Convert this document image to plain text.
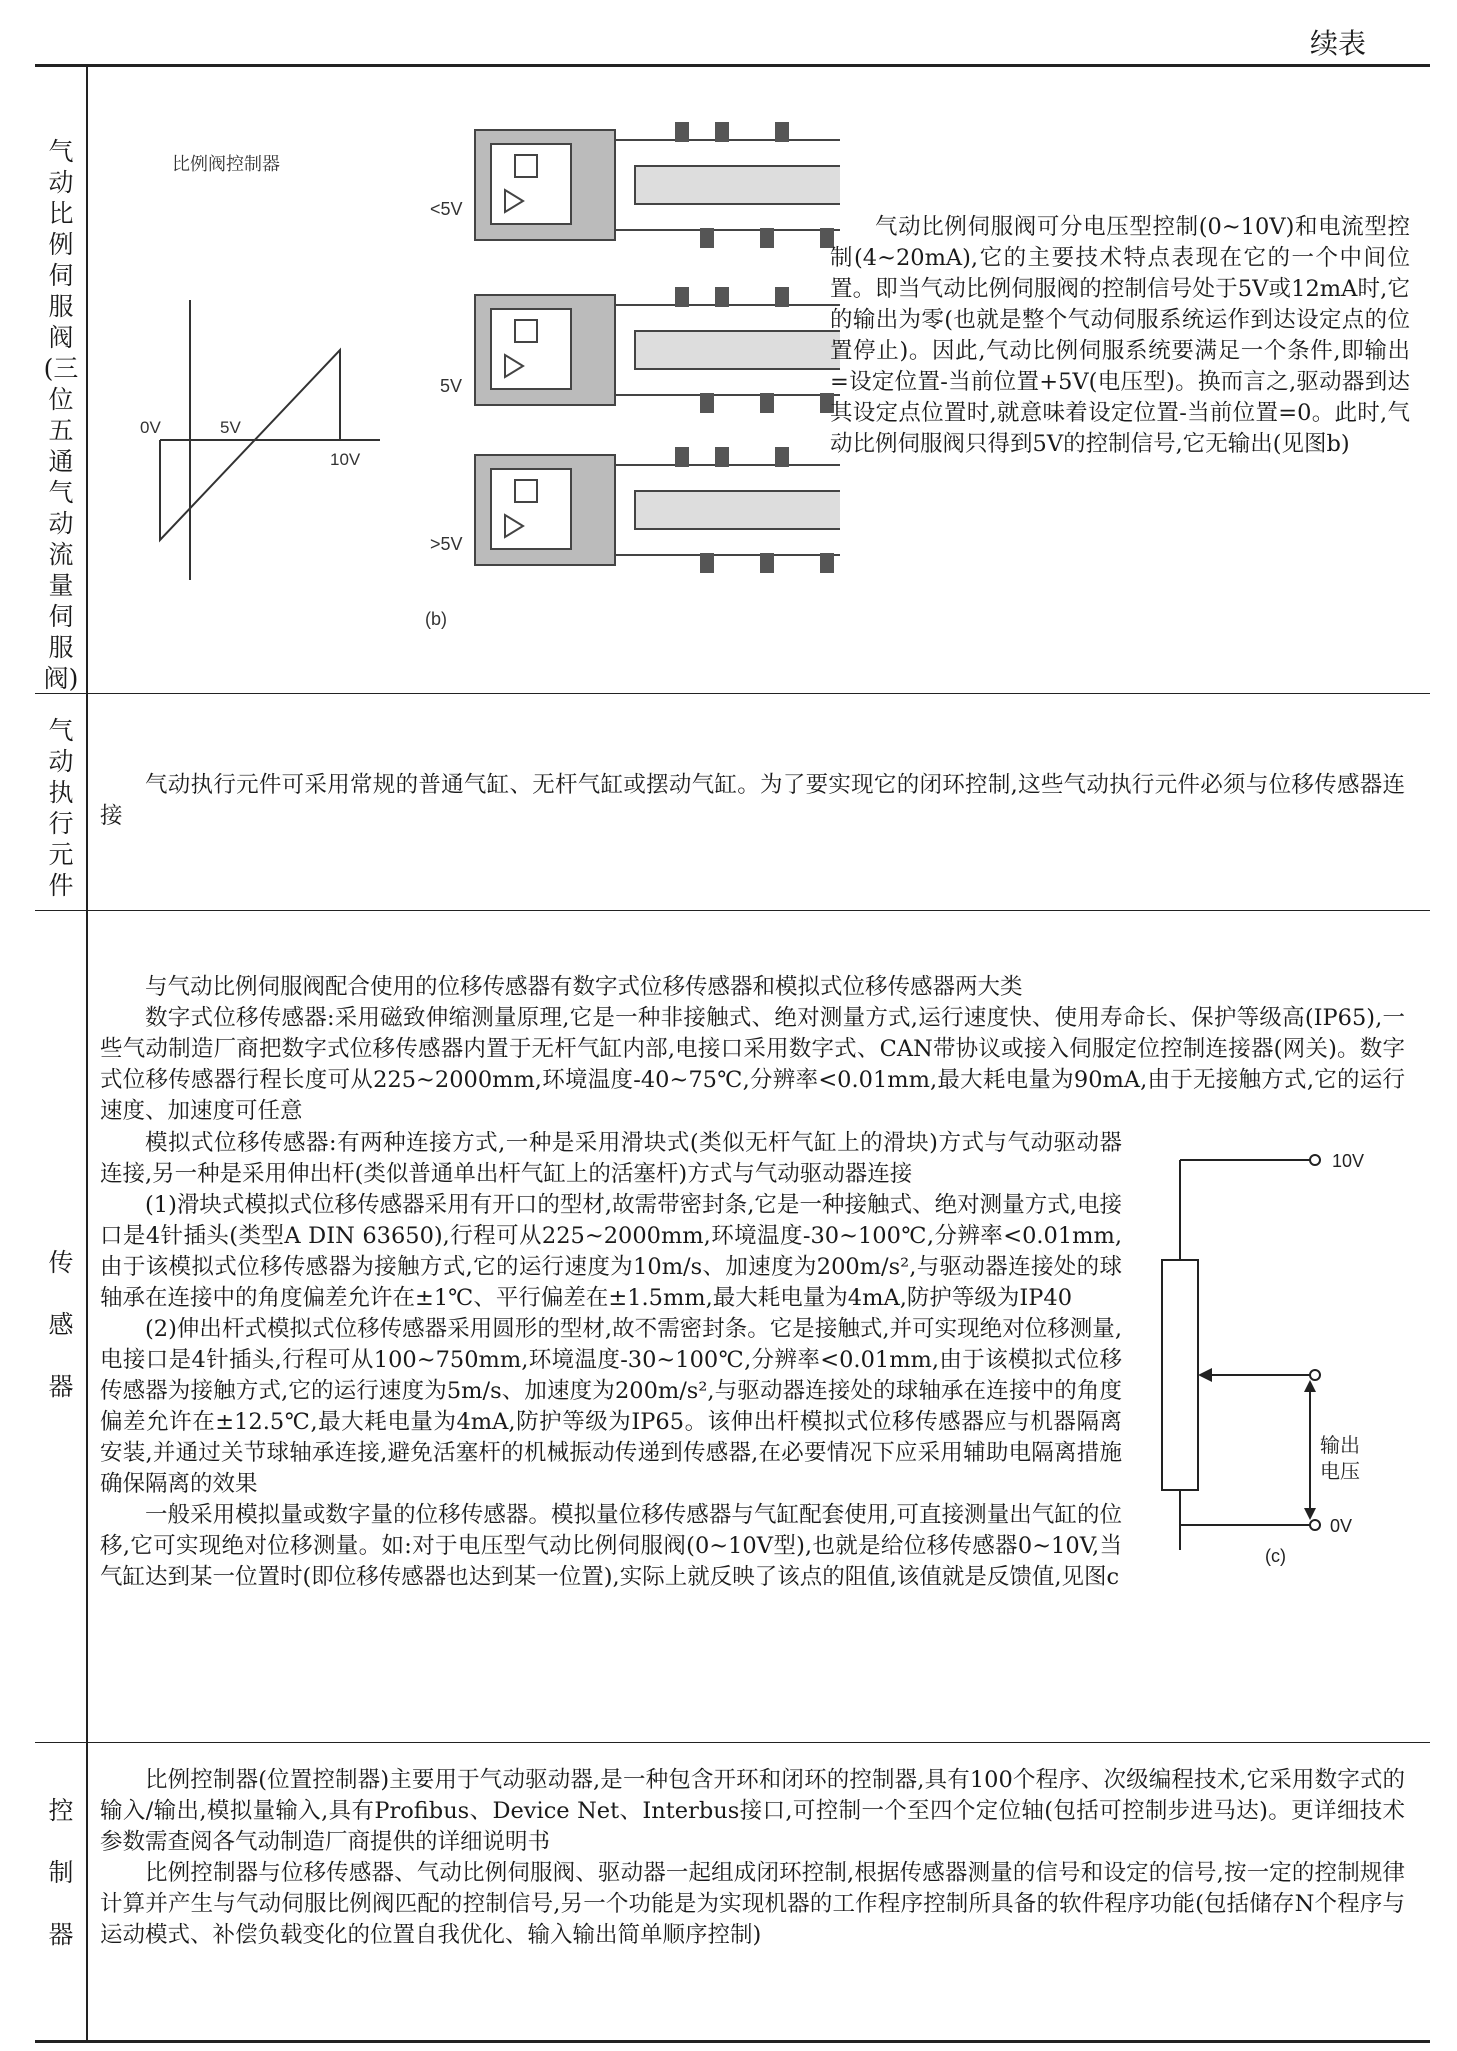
续表
气动比例伺服阀(三位五通气动流量伺服阀)
比例阀控制器
0V	5V
10V
(b)
<5V
5V
>5V

气动比例伺服阀可分电压型控制(0~10V)和电流型控制(4~20mA),它的主要技术特点表现在它的一个中间位置。即当气动比例伺服阀的控制信号处于5V或12mA时,它的输出为零(也就是整个气动伺服系统运作到达设定点的位置停止)。因此,气动比例伺服系统要满足一个条件,即输出=设定位置-当前位置+5V(电压型)。换而言之,驱动器到达其设定点位置时,就意味着设定位置-当前位置=0。此时,气动比例伺服阀只得到5V的控制信号,它无输出(见图b)

气动执行元件

气动执行元件可采用常规的普通气缸、无杆气缸或摆动气缸。为了要实现它的闭环控制,这些气动执行元件必须与位移传感器连接

传感器

与气动比例伺服阀配合使用的位移传感器有数字式位移传感器和模拟式位移传感器两大类

数字式位移传感器:采用磁致伸缩测量原理,它是一种非接触式、绝对测量方式,运行速度快、使用寿命长、保护等级高(IP65),一些气动制造厂商把数字式位移传感器内置于无杆气缸内部,电接口采用数字式、CAN带协议或接入伺服定位控制连接器(网关)。数字式位移传感器行程长度可从225~2000mm,环境温度-40~75℃,分辨率<0.01mm,最大耗电量为90mA,由于无接触方式,它的运行速度、加速度可任意

模拟式位移传感器:有两种连接方式,一种是采用滑块式(类似无杆气缸上的滑块)方式与气动驱动器连接,另一种是采用伸出杆(类似普通单出杆气缸上的活塞杆)方式与气动驱动器连接

(1)滑块式模拟式位移传感器采用有开口的型材,故需带密封条,它是一种接触式、绝对测量方式,电接口是4针插头(类型A DIN 63650),行程可从225~2000mm,环境温度-30~100℃,分辨率<0.01mm,由于该模拟式位移传感器为接触方式,它的运行速度为10m/s、加速度为200m/s²,与驱动器连接处的球轴承在连接中的角度偏差允许在±1℃、平行偏差在±1.5mm,最大耗电量为4mA,防护等级为IP40

(2)伸出杆式模拟式位移传感器采用圆形的型材,故不需密封条。它是接触式,并可实现绝对位移测量,电接口是4针插头,行程可从100~750mm,环境温度-30~100℃,分辨率<0.01mm,由于该模拟式位移传感器为接触方式,它的运行速度为5m/s、加速度为200m/s²,与驱动器连接处的球轴承在连接中的角度偏差允许在±12.5℃,最大耗电量为4mA,防护等级为IP65。该伸出杆模拟式位移传感器应与机器隔离安装,并通过关节球轴承连接,避免活塞杆的机械振动传递到传感器,在必要情况下应采用辅助电隔离措施确保隔离的效果

一般采用模拟量或数字量的位移传感器。模拟量位移传感器与气缸配套使用,可直接测量出气缸的位移,它可实现绝对位移测量。如:对于电压型气动比例伺服阀(0~10V型),也就是给位移传感器0~10V,当气缸达到某一位置时(即位移传感器也达到某一位置),实际上就反映了该点的阻值,该值就是反馈值,见图c

10V
输出
电压
0V
(c)
控制器

比例控制器(位置控制器)主要用于气动驱动器,是一种包含开环和闭环的控制器,具有100个程序、次级编程技术,它采用数字式的输入/输出,模拟量输入,具有Profibus、Device Net、Interbus接口,可控制一个至四个定位轴(包括可控制步进马达)。更详细技术参数需查阅各气动制造厂商提供的详细说明书

比例控制器与位移传感器、气动比例伺服阀、驱动器一起组成闭环控制,根据传感器测量的信号和设定的信号,按一定的控制规律计算并产生与气动伺服比例阀匹配的控制信号,另一个功能是为实现机器的工作程序控制所具备的软件程序功能(包括储存N个程序与运动模式、补偿负载变化的位置自我优化、输入输出简单顺序控制)
